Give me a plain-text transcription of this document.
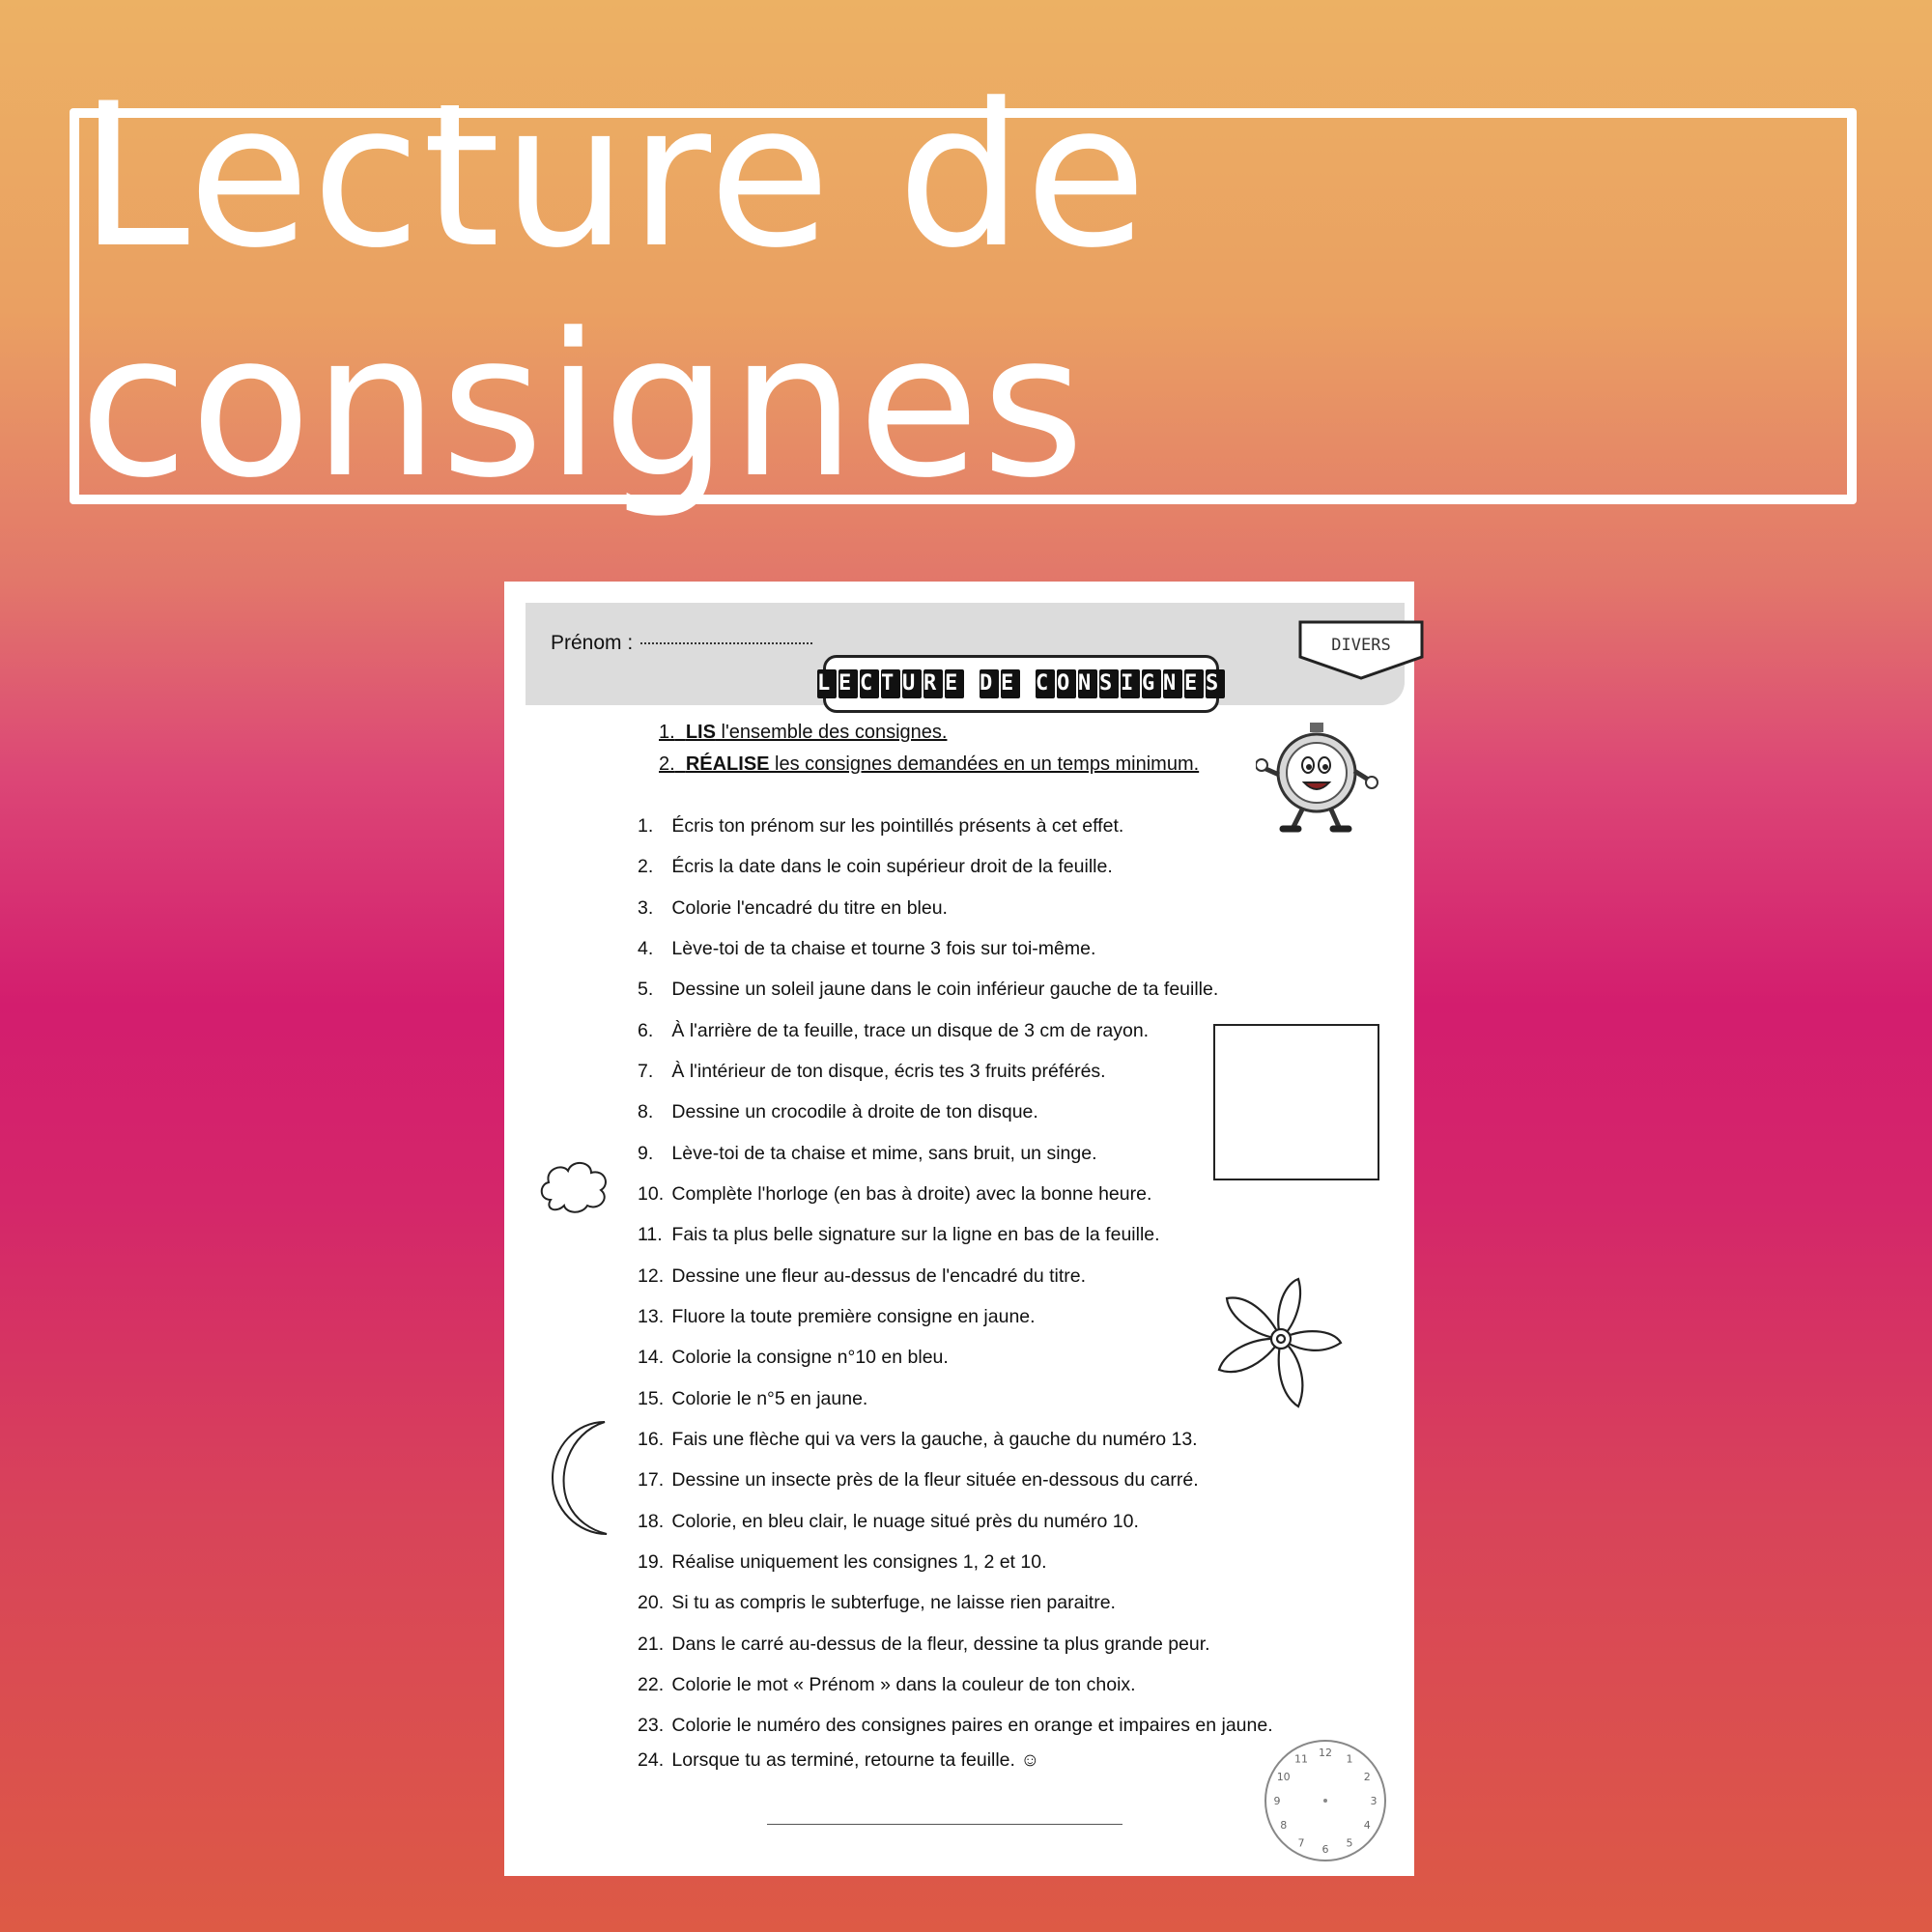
Lecture de consignes
Prénom :
L E C T U R E	D E	C O N S I G N E S
DIVERS
1. LIS l'ensemble des consignes.
2. RÉALISE les consignes demandées en un temps minimum.
1. Écris ton prénom sur les pointillés présents à cet effet.
2. Écris la date dans le coin supérieur droit de la feuille.
3. Colorie l'encadré du titre en bleu.
4. Lève-toi de ta chaise et tourne 3 fois sur toi-même.
5. Dessine un soleil jaune dans le coin inférieur gauche de ta feuille.
6. À l'arrière de ta feuille, trace un disque de 3 cm de rayon.
7. À l'intérieur de ton disque, écris tes 3 fruits préférés.
8. Dessine un crocodile à droite de ton disque.
9. Lève-toi de ta chaise et mime, sans bruit, un singe.
10. Complète l'horloge (en bas à droite) avec la bonne heure.
11. Fais ta plus belle signature sur la ligne en bas de la feuille.
12. Dessine une fleur au-dessus de l'encadré du titre.
13. Fluore la toute première consigne en jaune.
14. Colorie la consigne n°10 en bleu.
15. Colorie le n°5 en jaune.
16. Fais une flèche qui va vers la gauche, à gauche du numéro 13.
17. Dessine un insecte près de la fleur située en-dessous du carré.
18. Colorie, en bleu clair, le nuage situé près du numéro 10.
19. Réalise uniquement les consignes 1, 2 et 10.
20. Si tu as compris le subterfuge, ne laisse rien paraitre.
21. Dans le carré au-dessus de la fleur, dessine ta plus grande peur.
22. Colorie le mot « Prénom » dans la couleur de ton choix.
23. Colorie le numéro des consignes paires en orange et impaires en jaune.
24. Lorsque tu as terminé, retourne ta feuille. ☺	12
1
2
3
4
5
6
7
8
9
10
11
